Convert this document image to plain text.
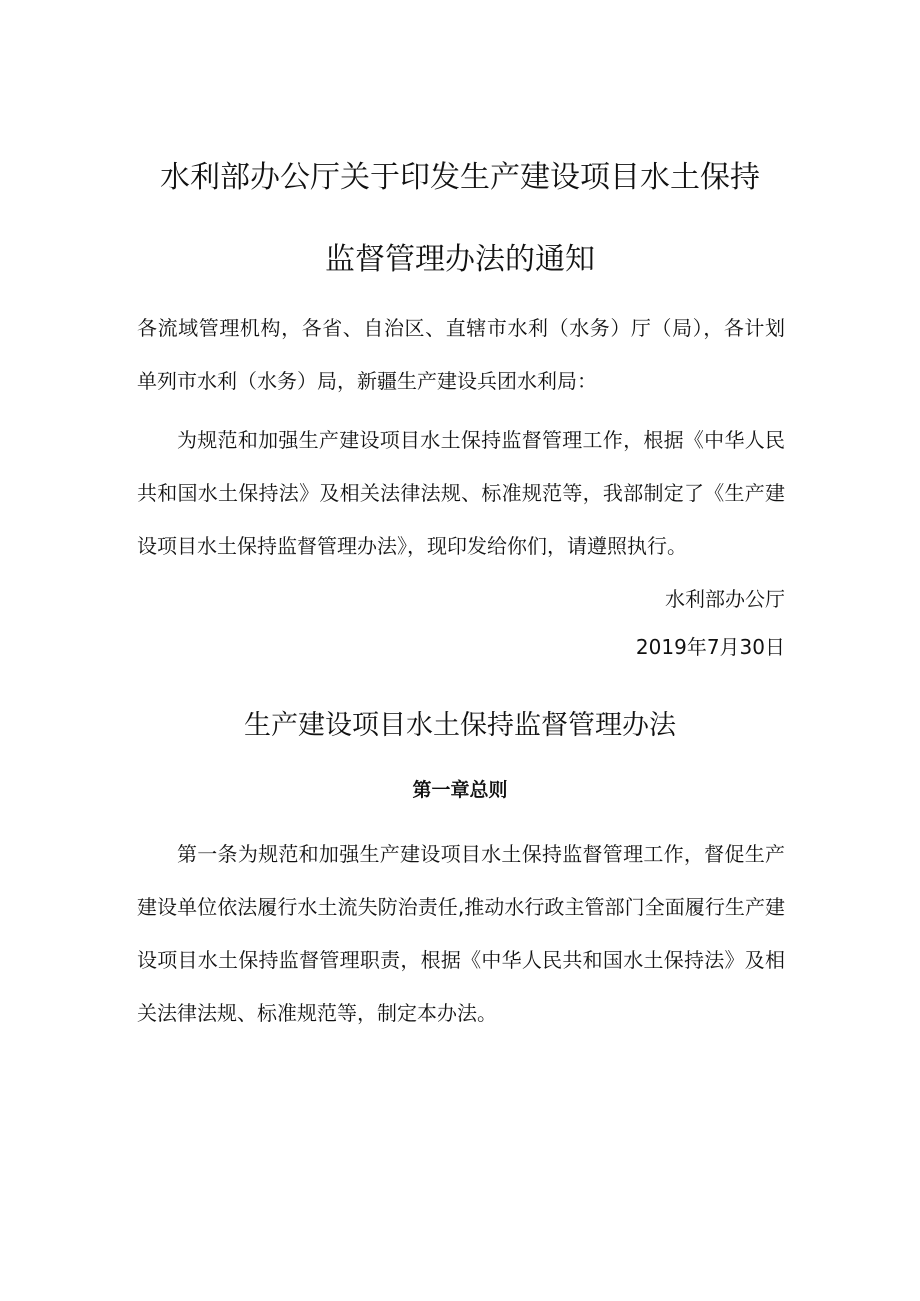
水利部办公厅关于印发生产建设项目水土保持
监督管理办法的通知

各流域管理机构，各省、自治区、直辖市水利（水务）厅（局），各计划单列市水利（水务）局，新疆生产建设兵团水利局：

为规范和加强生产建设项目水土保持监督管理工作，根据《中华人民共和国水土保持法》及相关法律法规、标准规范等，我部制定了《生产建设项目水土保持监督管理办法》，现印发给你们，请遵照执行。

水利部办公厅
2019年7月30日
生产建设项目水土保持监督管理办法
第一章总则

第一条为规范和加强生产建设项目水土保持监督管理工作，督促生产建设单位依法履行水土流失防治责任,推动水行政主管部门全面履行生产建设项目水土保持监督管理职责，根据《中华人民共和国水土保持法》及相关法律法规、标准规范等，制定本办法。
